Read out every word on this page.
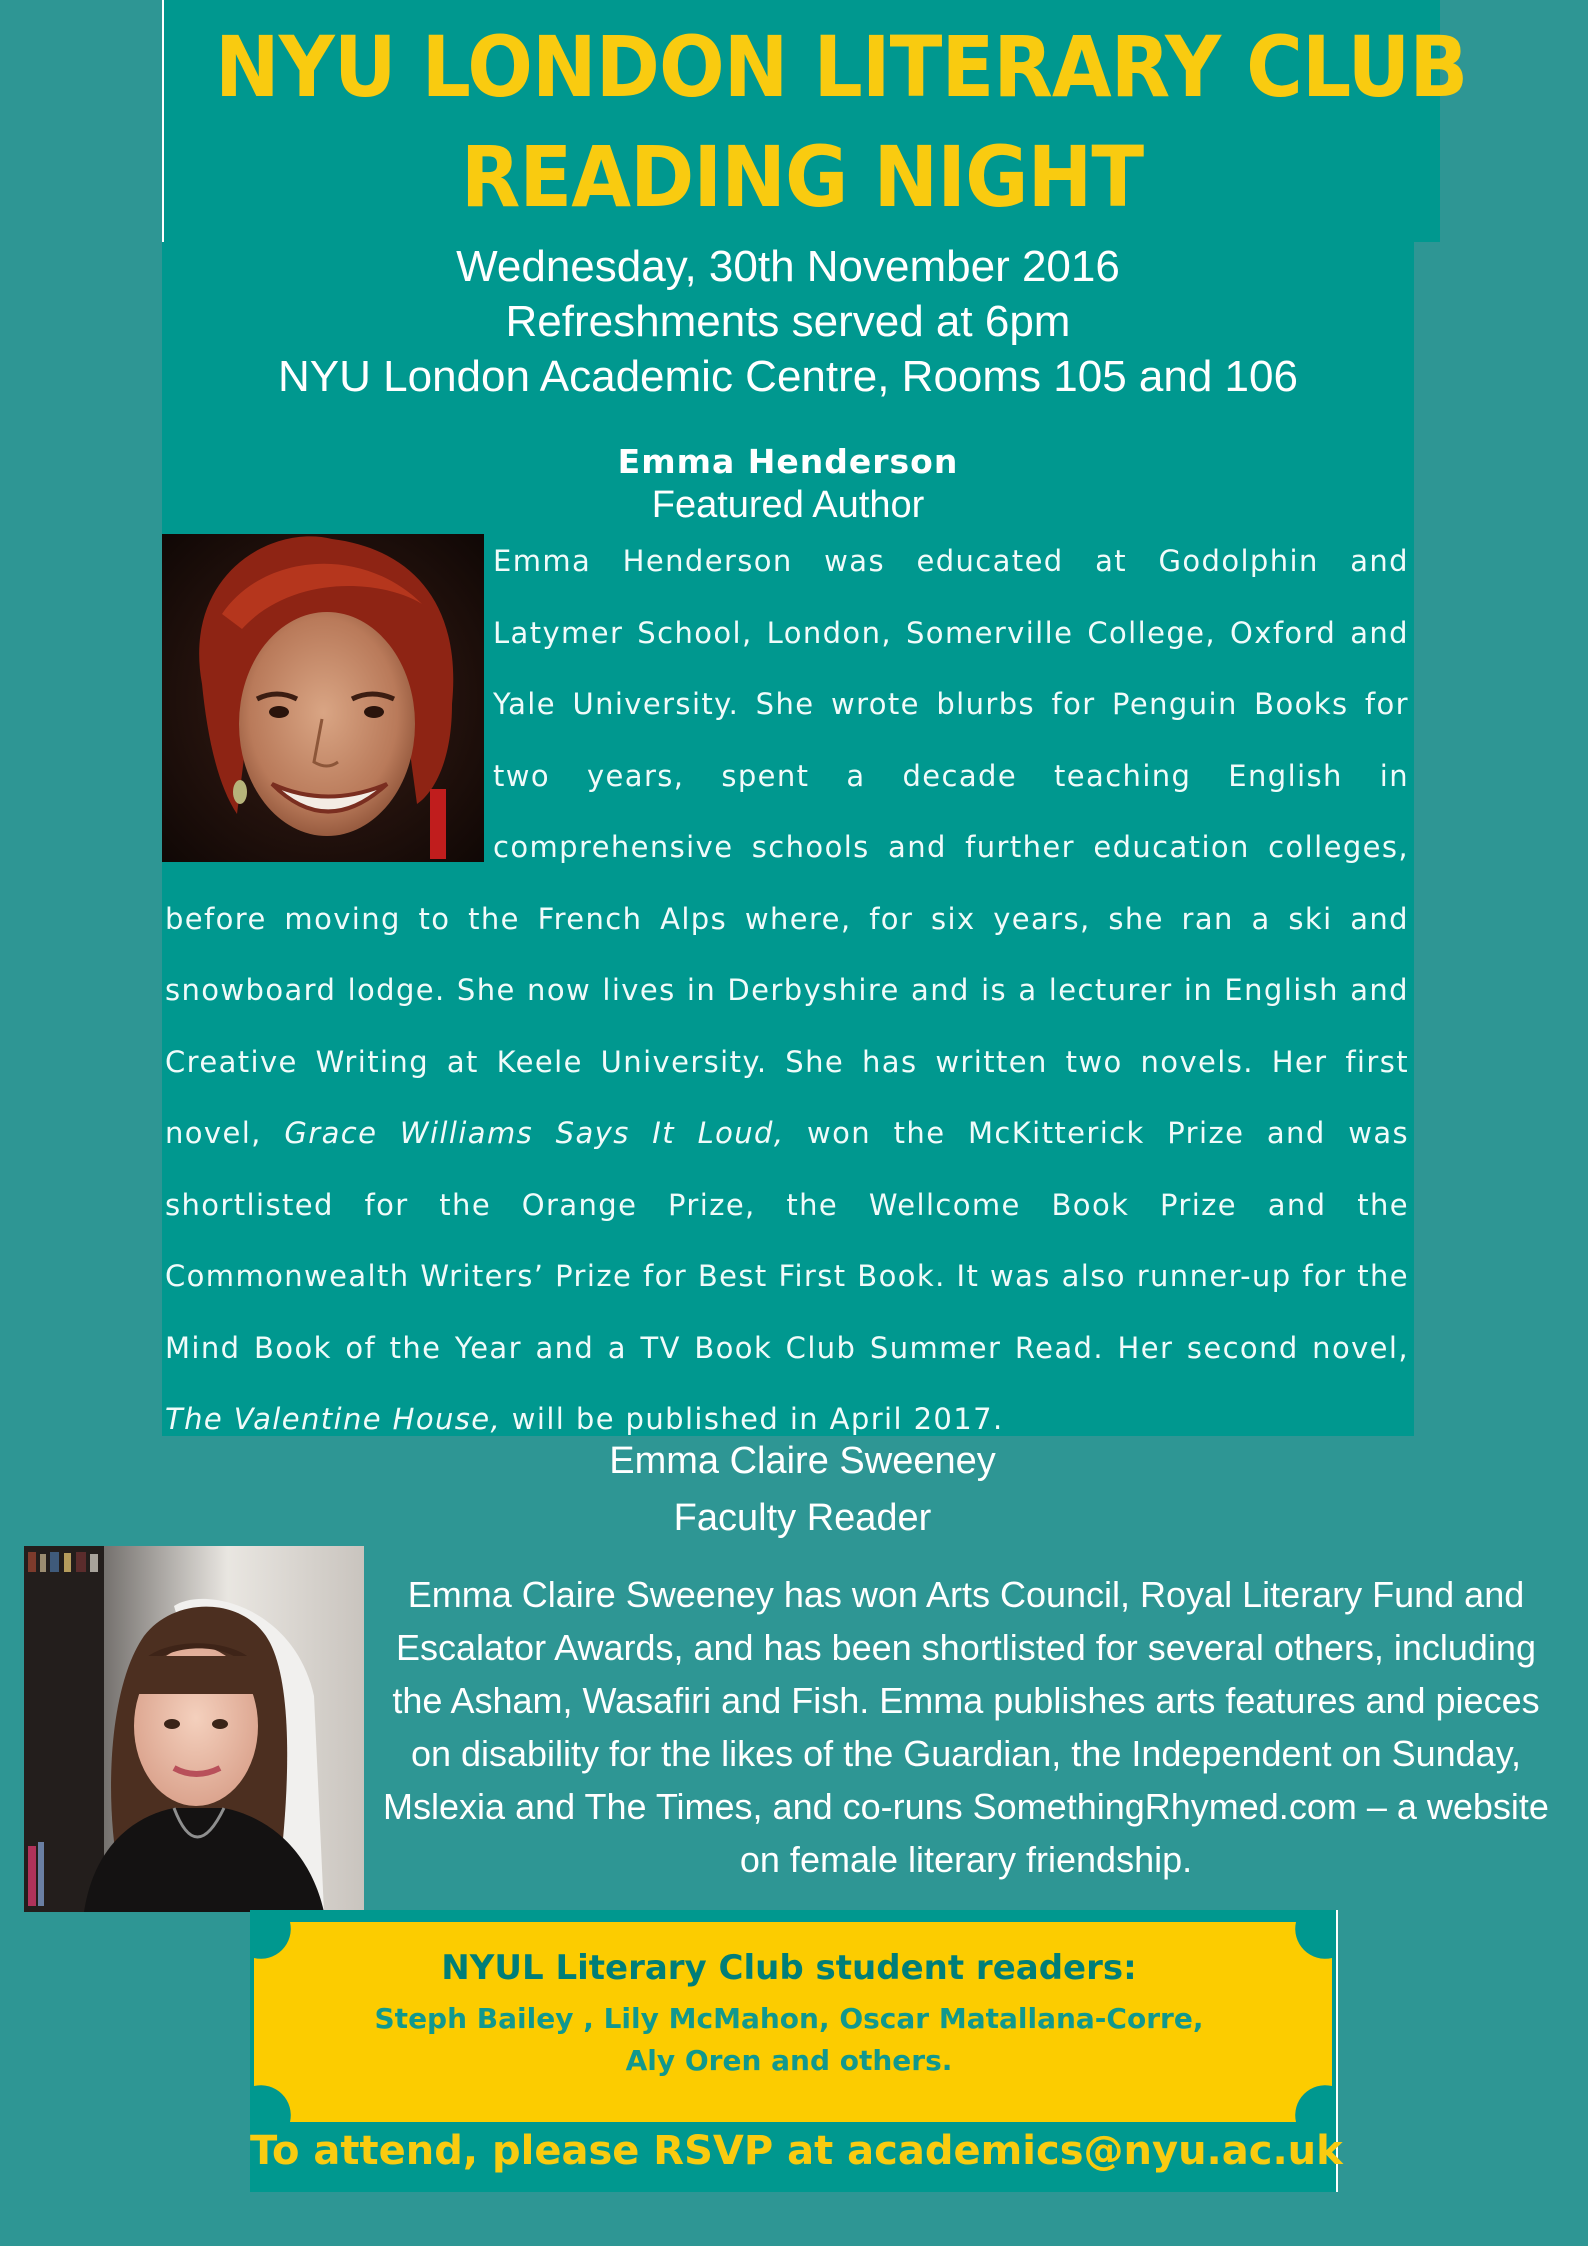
NYU LONDON LITERARY CLUB
READING NIGHT
Wednesday, 30th November 2016
Refreshments served at 6pm
NYU London Academic Centre, Rooms 105 and 106
Emma Henderson
Featured Author

Emma Henderson was educated at Godolphin and Latymer School, London, Somerville College, Oxford and Yale University. She wrote blurbs for Penguin Books for two years, spent a decade teaching English in comprehensive schools and further education colleges, before moving to the French Alps where, for six years, she ran a ski and snowboard lodge. She now lives in Derbyshire and is a lecturer in English and Creative Writing at Keele University. She has written two novels. Her first novel, Grace Williams Says It Loud, won the McKitterick Prize and was shortlisted for the Orange Prize, the Wellcome Book Prize and the Commonwealth Writers’ Prize for Best First Book. It was also runner-up for the Mind Book of the Year and a TV Book Club Summer Read. Her second novel, The Valentine House, will be published in April 2017.

Emma Claire Sweeney
Faculty Reader

Emma Claire Sweeney has won Arts Council, Royal Literary Fund and Escalator Awards, and has been shortlisted for several others, including the Asham, Wasafiri and Fish. Emma publishes arts features and pieces on disability for the likes of the Guardian, the Independent on Sunday, Mslexia and The Times, and co-runs SomethingRhymed.com – a website on female literary friendship.

NYUL Literary Club student readers:
Steph Bailey , Lily McMahon, Oscar Matallana-Corre,
Aly Oren and others.
To attend, please RSVP at academics@nyu.ac.uk
